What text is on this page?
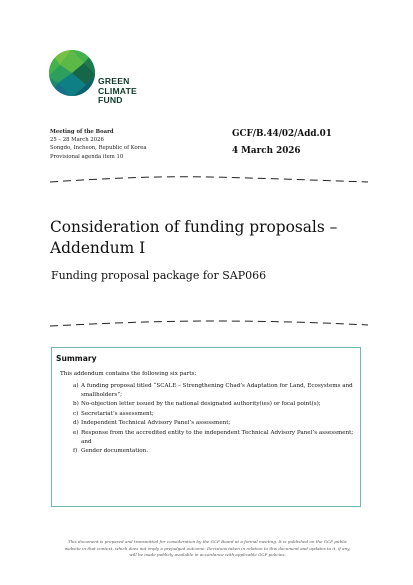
GREEN
CLIMATE
FUND
Meeting of the Board
25 – 28 March 2026
Songdo, Incheon, Republic of Korea
Provisional agenda item 10
GCF/B.44/02/Add.01
4 March 2026
Consideration of funding proposals –
Addendum I
Funding proposal package for SAP066
Summary
This addendum contains the following six parts:
a) A funding proposal titled “SCALE – Strengthening Chad’s Adaptation for Land, Ecosystems and smallholders”;
b) No-objection letter issued by the national designated authority(ies) or focal point(s);
c) Secretariat’s assessment;
d) Independent Technical Advisory Panel’s assessment;
e) Response from the accredited entity to the independent Technical Advisory Panel’s assessment; and
f) Gender documentation.
This document is prepared and transmitted for consideration by the GCF Board at a formal meeting. It is published on the GCF public
website in that context, which does not imply a prejudged outcome. Decisions taken in relation to this document and updates to it, if any,
will be made publicly available in accordance with applicable GCF policies.
